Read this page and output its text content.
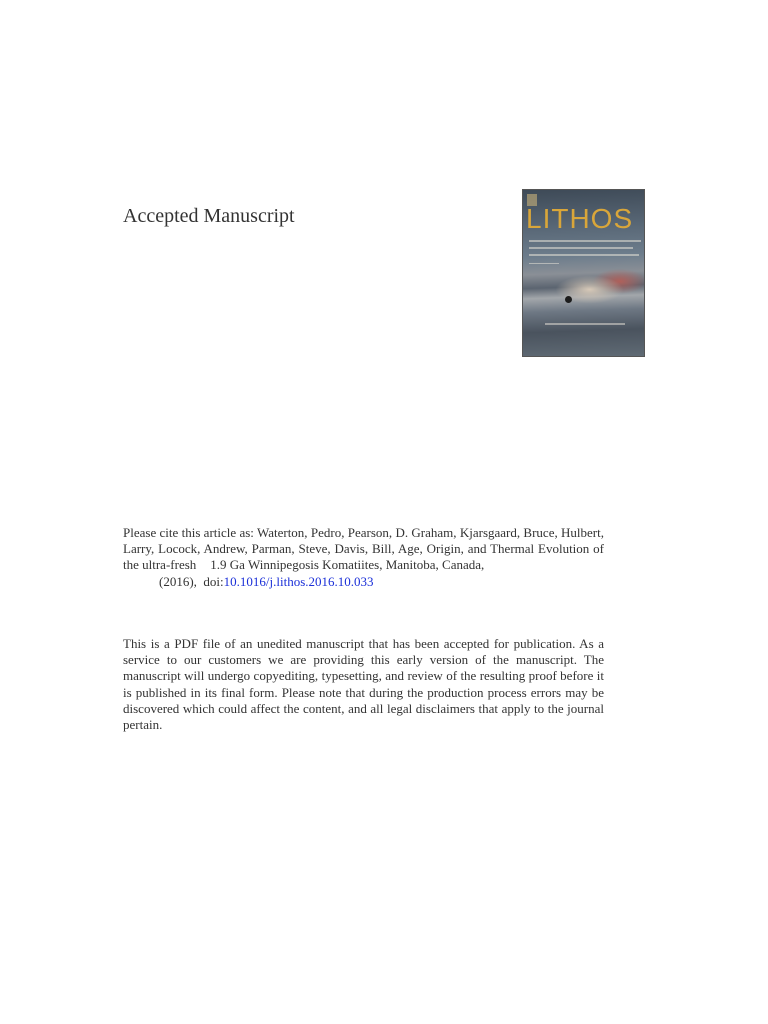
Accepted Manuscript	LITHOS
Please cite this article as: Waterton, Pedro, Pearson, D. Graham, Kjarsgaard, Bruce, Hulbert, Larry, Locock, Andrew, Parman, Steve, Davis, Bill, Age, Origin, and Thermal Evolution of the ultra-fresh 1.9 Ga Winnipegosis Komatiites, Manitoba, Canada,
(2016), doi:10.1016/j.lithos.2016.10.033
This is a PDF file of an unedited manuscript that has been accepted for publication. As a service to our customers we are providing this early version of the manuscript. The manuscript will undergo copyediting, typesetting, and review of the resulting proof before it is published in its final form. Please note that during the production process errors may be discovered which could affect the content, and all legal disclaimers that apply to the journal pertain.
